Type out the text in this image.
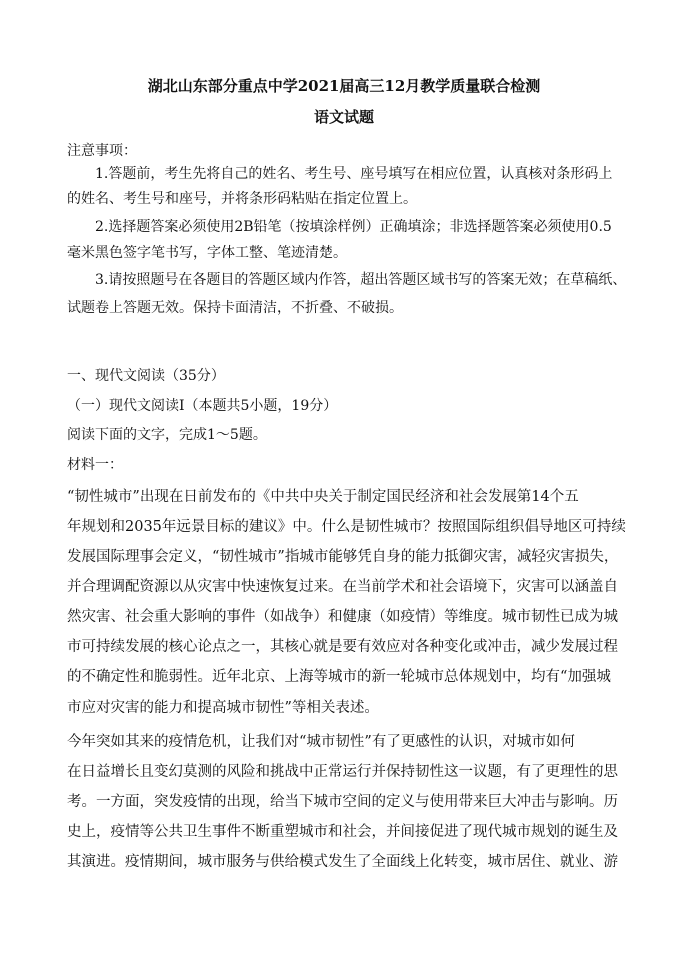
湖北山东部分重点中学2021届高三12月教学质量联合检测
语文试题
注意事项：
1.答题前，考生先将自己的姓名、考生号、座号填写在相应位置，认真核对条形码上
的姓名、考生号和座号，并将条形码粘贴在指定位置上。
2.选择题答案必须使用2B铅笔（按填涂样例）正确填涂；非选择题答案必须使用0.5
毫米黑色签字笔书写，字体工整、笔迹清楚。
3.请按照题号在各题目的答题区域内作答，超出答题区域书写的答案无效；在草稿纸、
试题卷上答题无效。保持卡面清洁，不折叠、不破损。
一、现代文阅读（35分）
（一）现代文阅读Ⅰ（本题共5小题，19分）
阅读下面的文字，完成1～5题。
材料一：
“韧性城市”出现在日前发布的《中共中央关于制定国民经济和社会发展第14个五
年规划和2035年远景目标的建议》中。什么是韧性城市？按照国际组织倡导地区可持续
发展国际理事会定义，“韧性城市”指城市能够凭自身的能力抵御灾害，减轻灾害损失，
并合理调配资源以从灾害中快速恢复过来。在当前学术和社会语境下，灾害可以涵盖自
然灾害、社会重大影响的事件（如战争）和健康（如疫情）等维度。城市韧性已成为城
市可持续发展的核心论点之一，其核心就是要有效应对各种变化或冲击，减少发展过程
的不确定性和脆弱性。近年北京、上海等城市的新一轮城市总体规划中，均有“加强城
市应对灾害的能力和提高城市韧性”等相关表述。
今年突如其来的疫情危机，让我们对“城市韧性”有了更感性的认识，对城市如何
在日益增长且变幻莫测的风险和挑战中正常运行并保持韧性这一议题，有了更理性的思
考。一方面，突发疫情的出现，给当下城市空间的定义与使用带来巨大冲击与影响。历
史上，疫情等公共卫生事件不断重塑城市和社会，并间接促进了现代城市规划的诞生及
其演进。疫情期间，城市服务与供给模式发生了全面线上化转变，城市居住、就业、游
